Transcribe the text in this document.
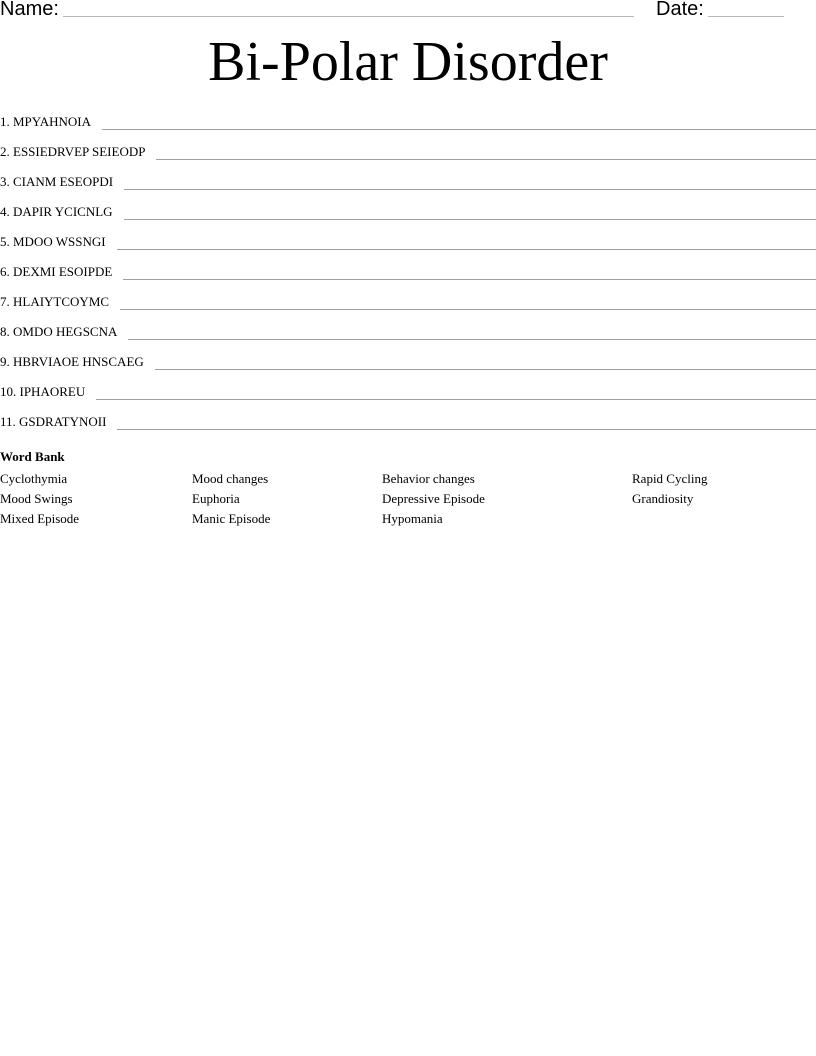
Name:	Date:
Bi-Polar Disorder
1. MPYAHNOIA
2. ESSIEDRVEP SEIEODP
3. CIANM ESEOPDI
4. DAPIR YCICNLG
5. MDOO WSSNGI
6. DEXMI ESOIPDE
7. HLAIYTCOYMC
8. OMDO HEGSCNA
9. HBRVIAOE HNSCAEG
10. IPHAOREU
11. GSDRATYNOII
Word Bank
Cyclothymia
Mood Swings
Mixed Episode
Mood changes
Euphoria
Manic Episode
Behavior changes
Depressive Episode
Hypomania
Rapid Cycling
Grandiosity
